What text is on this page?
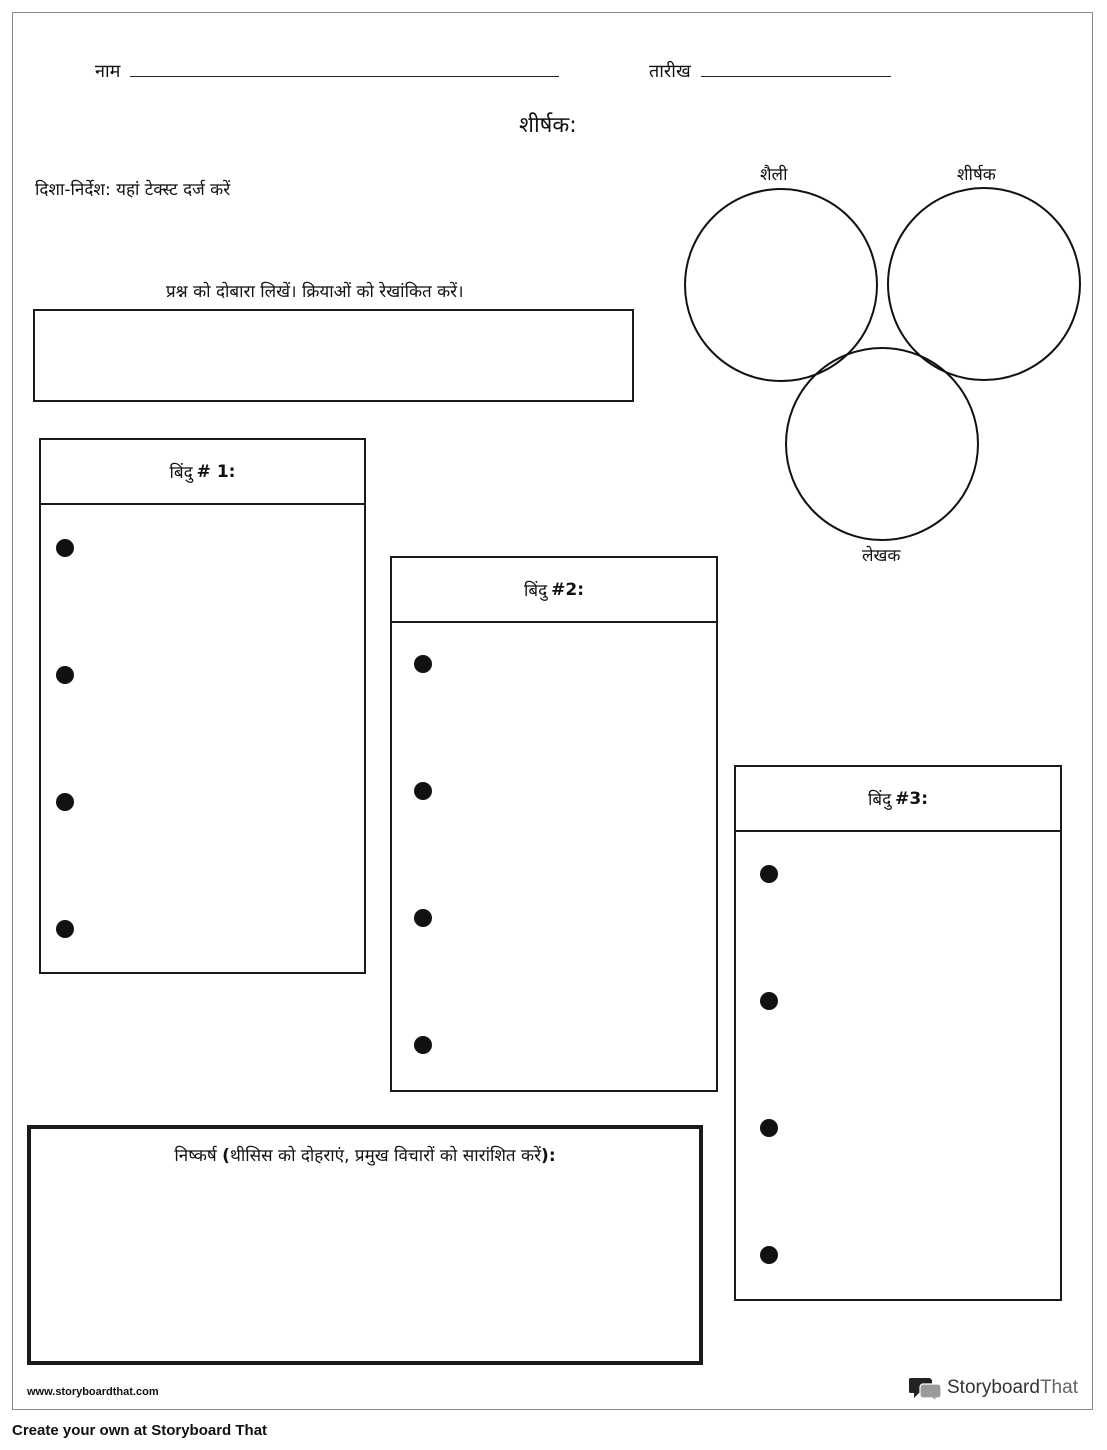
नाम	तारीख
शीर्षक:
दिशा-निर्देश: यहां टेक्स्ट दर्ज करें
प्रश्न को दोबारा लिखें। क्रियाओं को रेखांकित करें।
शैली	शीर्षक
लेखक
बिंदु # 1:
बिंदु #2:
बिंदु #3:
निष्कर्ष (थीसिस को दोहराएं, प्रमुख विचारों को सारांशित करें):
www.storyboardthat.com	Storyboard That
Create your own at Storyboard That
